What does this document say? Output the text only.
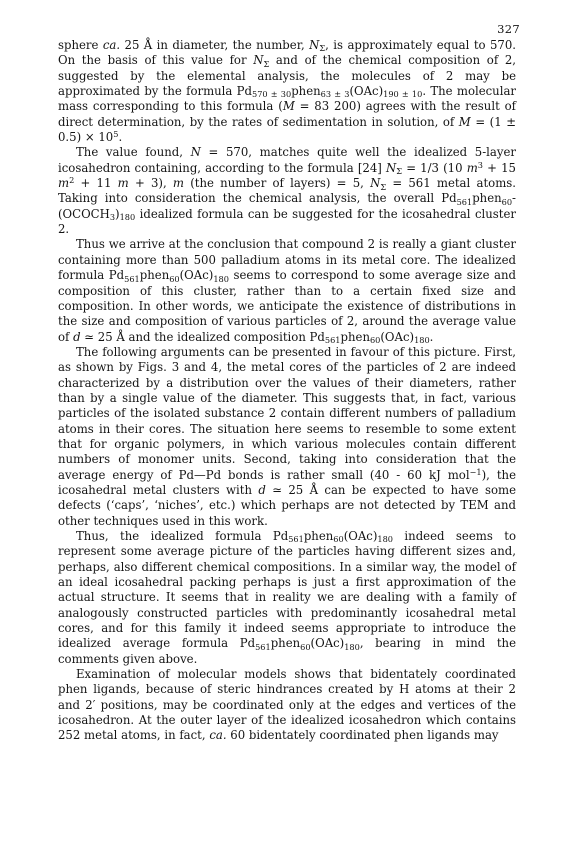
327

sphere ca. 25 Å in diameter, the number, $N_\Sigma$, is approximately equal to 570. On the basis of this value for $N_\Sigma$ and of the chemical composition of 2, suggested by the elemental analysis, the molecules of 2 may be approximated by the formula $Pd_{570 \pm 30}phen_{63 \pm 3}(OAc)_{190 \pm 10}$. The molecular mass corresponding to this formula (M = 83 200) agrees with the result of direct determination, by the rates of sedimentation in solution, of $M = (1 \pm 0.5) \times 10^5$.

The value found, N = 570, matches quite well the idealized 5-layer icosahedron containing, according to the formula [24] $N_\Sigma = 1/3$ (10 $m^3 + 15$ $m^2 + 11$ m + 3), m (the number of layers) = 5, $N_\Sigma = 561$ metal atoms. Taking into consideration the chemical analysis, the overall $Pd_{561}phen_{60}-(OCOCH_3)_{180}$ idealized formula can be suggested for the icosahedral cluster 2.

Thus we arrive at the conclusion that compound 2 is really a giant cluster containing more than 500 palladium atoms in its metal core. The idealized formula $Pd_{561}phen_{60}(OAc)_{180}$ seems to correspond to some average size and composition of this cluster, rather than to a certain fixed size and composition. In other words, we anticipate the existence of distributions in the size and composition of various particles of 2, around the average value of d ≃ 25 Å and the idealized composition $Pd_{561}phen_{60}(OAc)_{180}$.

The following arguments can be presented in favour of this picture. First, as shown by Figs. 3 and 4, the metal cores of the particles of 2 are indeed characterized by a distribution over the values of their diameters, rather than by a single value of the diameter. This suggests that, in fact, various particles of the isolated substance 2 contain different numbers of palladium atoms in their cores. The situation here seems to resemble to some extent that for organic polymers, in which various molecules contain different numbers of monomer units. Second, taking into consideration that the average energy of Pd—Pd bonds is rather small (40 - 60 kJ mol$^{-1}$), the icosahedral metal clusters with d ≃ 25 Å can be expected to have some defects (‘caps’, ‘niches’, etc.) which perhaps are not detected by TEM and other techniques used in this work.

Thus, the idealized formula $Pd_{561}phen_{60}(OAc)_{180}$ indeed seems to represent some average picture of the particles having different sizes and, perhaps, also different chemical compositions. In a similar way, the model of an ideal icosahedral packing perhaps is just a first approximation of the actual structure. It seems that in reality we are dealing with a family of analogously constructed particles with predominantly icosahedral metal cores, and for this family it indeed seems appropriate to introduce the idealized average formula $Pd_{561}phen_{60}(OAc)_{180}$, bearing in mind the comments given above.

Examination of molecular models shows that bidentately coordinated phen ligands, because of steric hindrances created by H atoms at their 2 and 2′ positions, may be coordinated only at the edges and vertices of the icosahedron. At the outer layer of the idealized icosahedron which contains 252 metal atoms, in fact, ca. 60 bidentately coordinated phen ligands may
